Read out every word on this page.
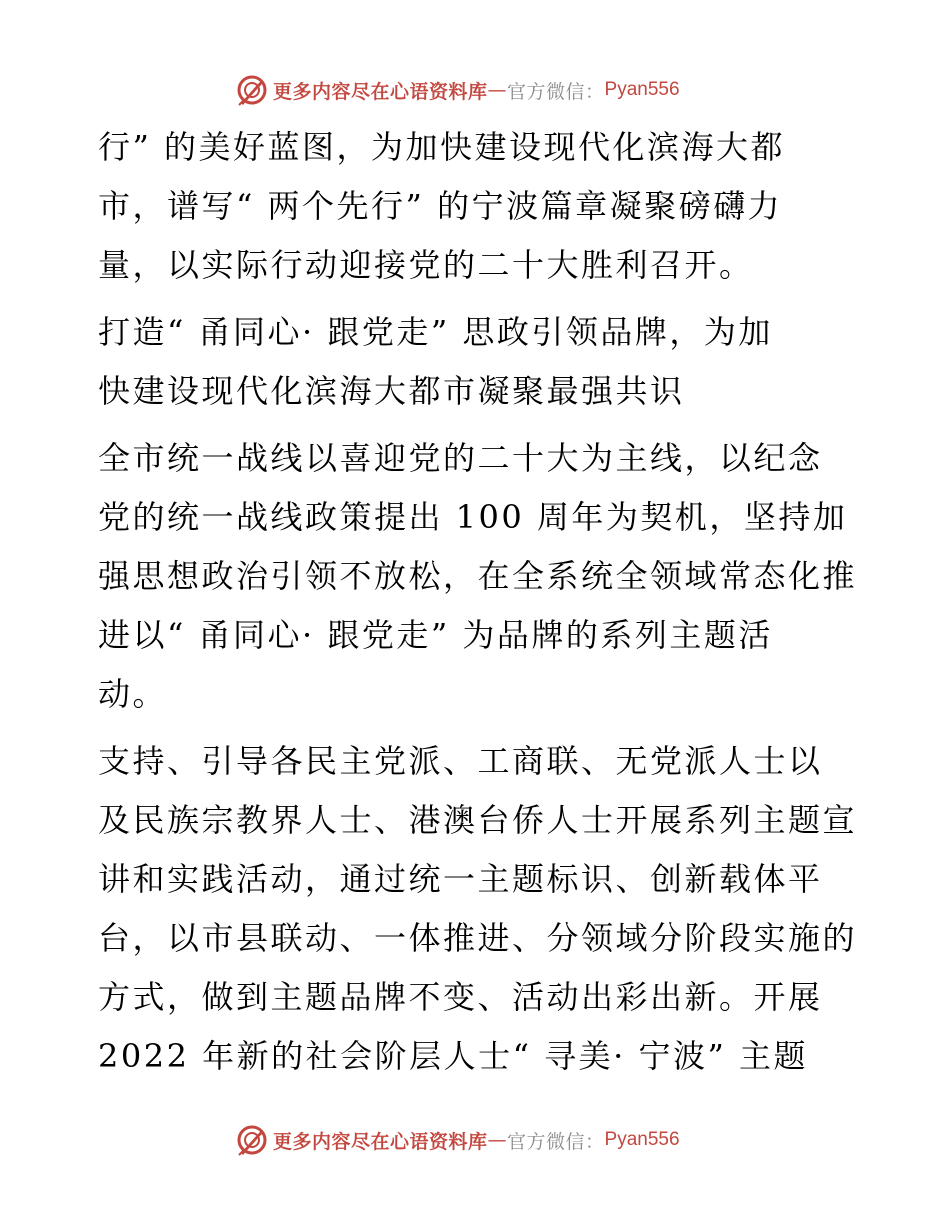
更多内容尽在心语资料库 — 官方微信： Pyan556

行” 的美好蓝图，为加快建设现代化滨海大都
市，谱写“ 两个先行” 的宁波篇章凝聚磅礴力
量，以实际行动迎接党的二十大胜利召开。

打造“ 甬同心· 跟党走” 思政引领品牌，为加
快建设现代化滨海大都市凝聚最强共识

全市统一战线以喜迎党的二十大为主线，以纪念
党的统一战线政策提出 100 周年为契机，坚持加
强思想政治引领不放松，在全系统全领域常态化推
进以“ 甬同心· 跟党走” 为品牌的系列主题活
动。

支持、引导各民主党派、工商联、无党派人士以
及民族宗教界人士、港澳台侨人士开展系列主题宣
讲和实践活动，通过统一主题标识、创新载体平
台，以市县联动、一体推进、分领域分阶段实施的
方式，做到主题品牌不变、活动出彩出新。开展
2022 年新的社会阶层人士“ 寻美· 宁波” 主题

更多内容尽在心语资料库 — 官方微信： Pyan556
